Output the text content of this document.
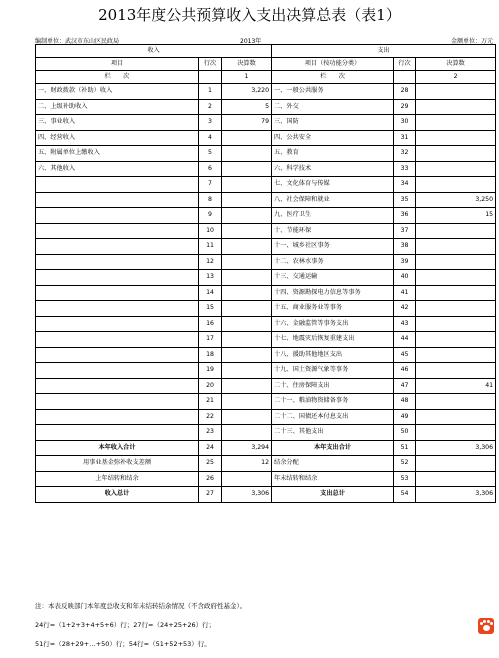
2013年度公共预算收入支出决算总表（表1）
编制单位：武汉市东山区民政局	2013年	金额单位：万元
收入			支出		
项目	行次	决算数	项目（按功能分类）	行次	决算数
栏　　次		1	栏　　次		2
一、财政拨款（补助）收入	1	3,220	一、一般公共服务	28	
二、上级补助收入	2	5	二、外交	29	
三、事业收入	3	79	三、国防	30	
四、经营收入	4		四、公共安全	31	
五、附属单位上缴收入	5		五、教育	32	
六、其他收入	6		六、科学技术	33	
	7		七、文化体育与传媒	34	
	8		八、社会保障和就业	35	3,250
	9		九、医疗卫生	36	15
	10		十、节能环保	37	
	11		十一、城乡社区事务	38	
	12		十二、农林水事务	39	
	13		十三、交通运输	40	
	14		十四、资源勘探电力信息等事务	41	
	15		十五、商业服务业等事务	42	
	16		十六、金融监管等事务支出	43	
	17		十七、地震灾后恢复重建支出	44	
	18		十八、援助其他地区支出	45	
	19		十九、国土资源气象等事务	46	
	20		二十、住房保障支出	47	41
	21		二十一、粮油物资储备事务	48	
	22		二十二、国债还本付息支出	49	
	23		二十三、其他支出	50	
本年收入合计	24	3,294	本年支出合计	51	3,306
用事业基金弥补收支差额	25	12	结余分配	52	
上年结转和结余	26		年末结转和结余	53	
收入总计	27	3,306	支出总计	54	3,306
注：本表反映部门本年度总收支和年末结转结余情况（不含政府性基金）。
24行=（1+2+3+4+5+6）行；27行=（24+25+26）行；
51行=（28+29+…+50）行；54行=（51+52+53）行。
